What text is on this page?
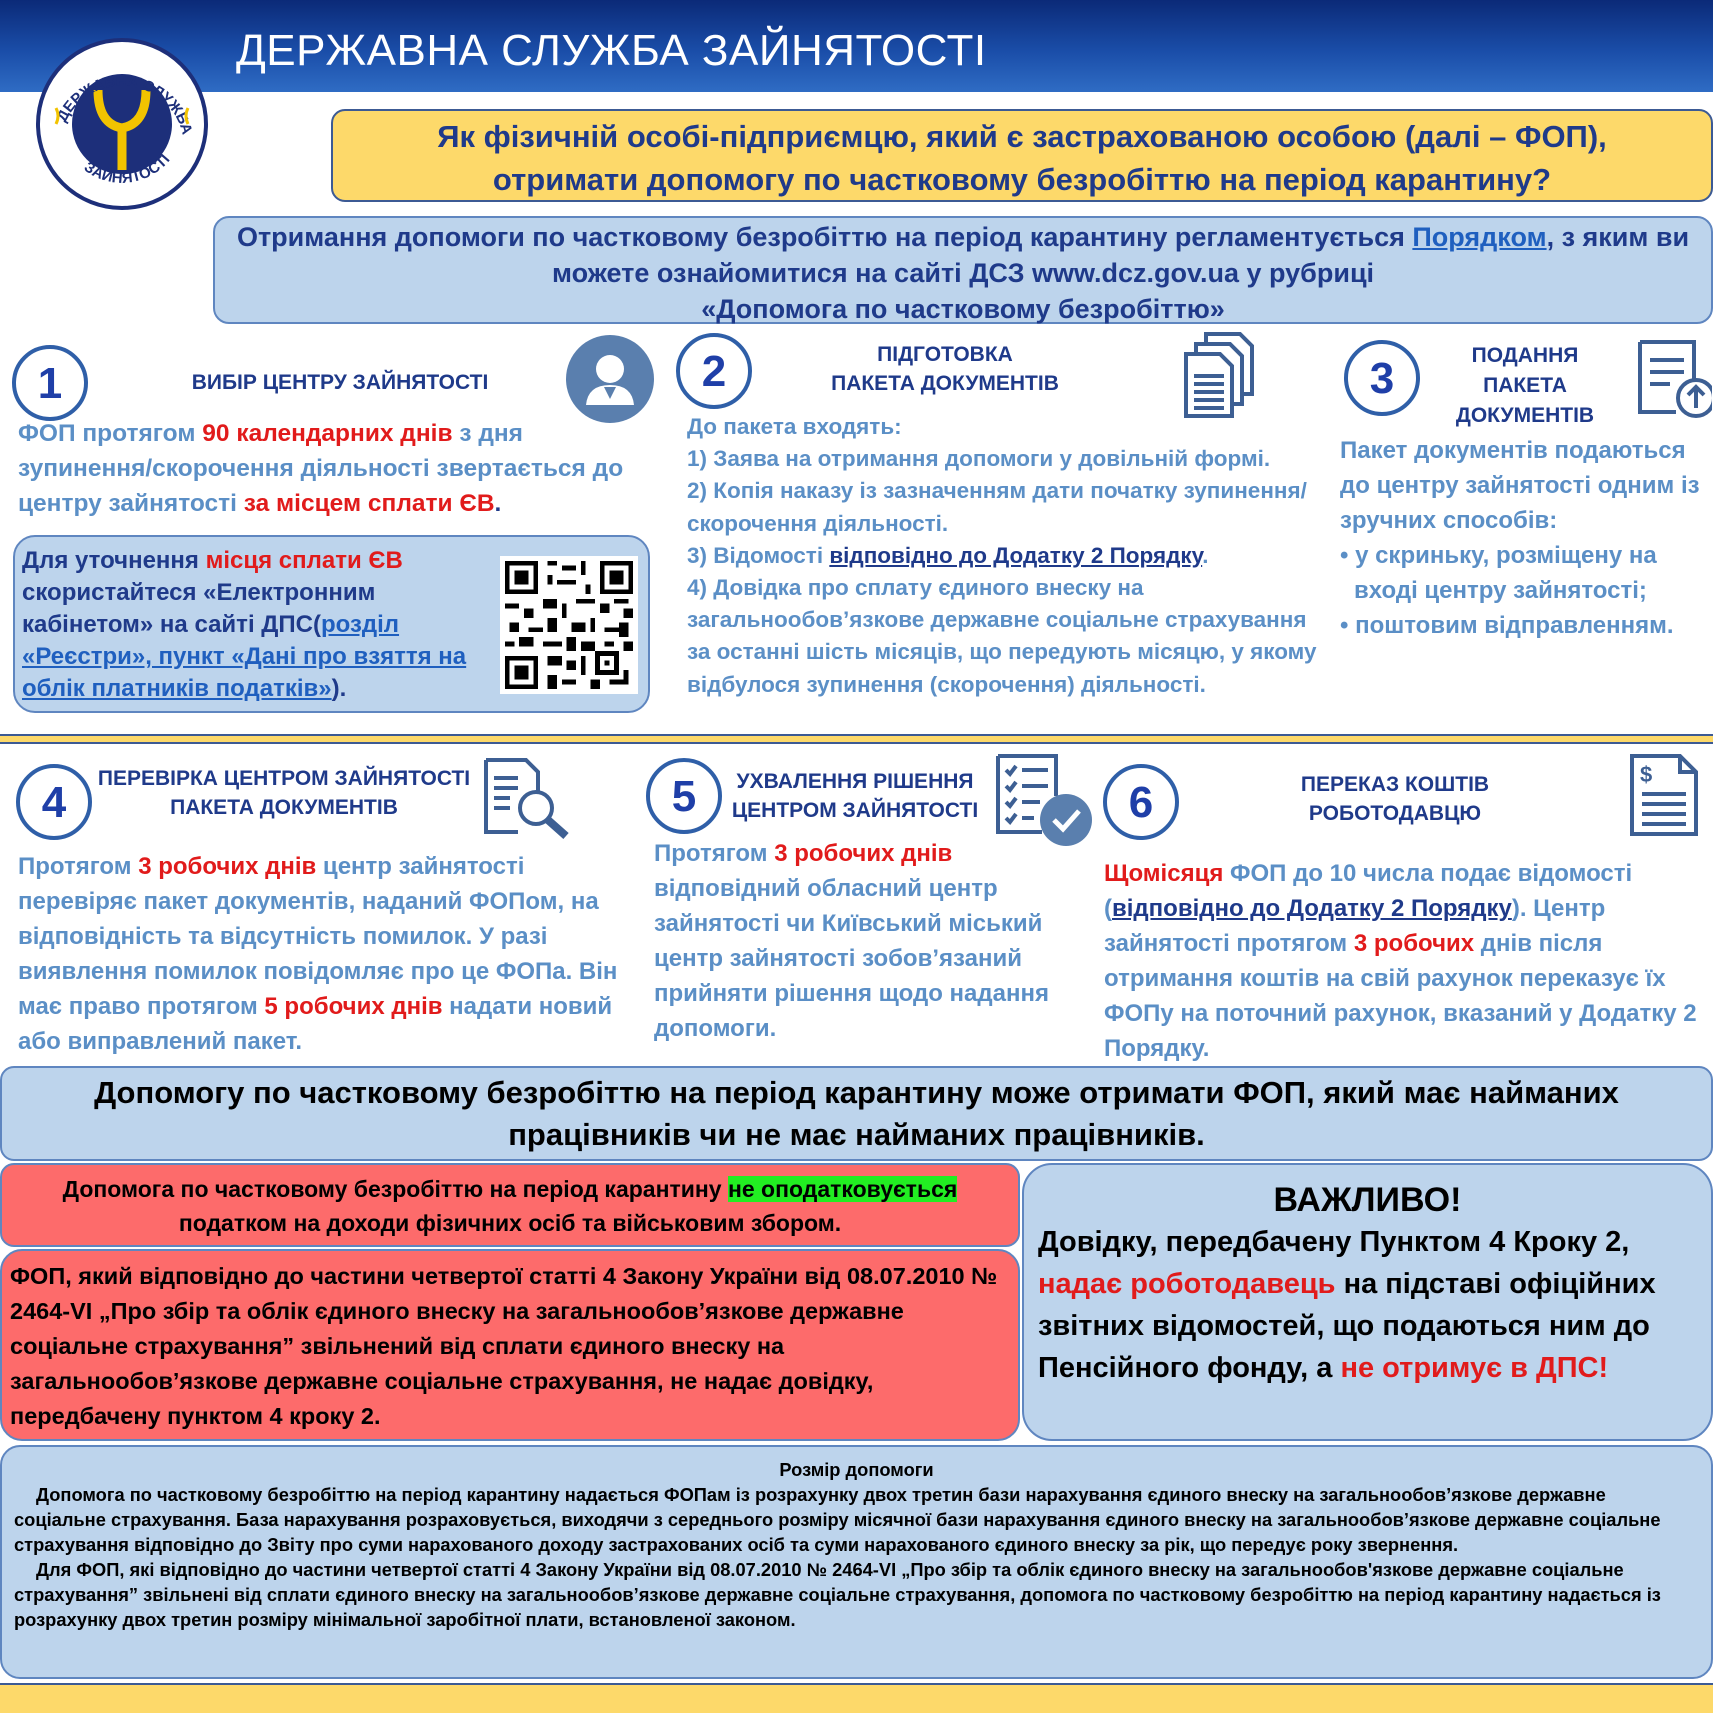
ДЕРЖАВНА СЛУЖБА ЗАЙНЯТОСТІ
ДЕРЖАВНА СЛУЖБА
ЗАЙНЯТОСТІ
Як фізичній особі-підприємцю, який є застрахованою особою (далі – ФОП),
отримати допомогу по частковому безробіттю на період карантину?
Отримання допомоги по частковому безробіттю на період карантину регламентується Порядком, з яким ви можете ознайомитися на сайті ДСЗ www.dcz.gov.ua у рубриці
«Допомога по частковому безробіттю»
1	ВИБІР ЦЕНТРУ ЗАЙНЯТОСТІ
ФОП протягом 90 календарних днів з дня зупинення/скорочення діяльності звертається до центру зайнятості за місцем сплати ЄВ.
Для уточнення місця сплати ЄВ скористайтеся «Електронним кабінетом» на сайті ДПС(розділ «Реєстри», пункт «Дані про взяття на облік платників податків»).
2	ПІДГОТОВКА
ПАКЕТА ДОКУМЕНТІВ
До пакета входять:
1) Заява на отримання допомоги у довільній формі.
2) Копія наказу із зазначенням дати початку зупинення/скорочення діяльності.
3) Відомості відповідно до Додатку 2 Порядку.
4) Довідка про сплату єдиного внеску на загальнообов’язкове державне соціальне страхування за останні шість місяців, що передують місяцю, у якому відбулося зупинення (скорочення) діяльності.
3	ПОДАННЯ
ПАКЕТА
ДОКУМЕНТІВ
Пакет документів подаються до центру зайнятості одним із зручних способів:
• у скриньку, розміщену на вході центру зайнятості;
• поштовим відправленням.
4	ПЕРЕВІРКА ЦЕНТРОМ ЗАЙНЯТОСТІ
ПАКЕТА ДОКУМЕНТІВ
Протягом 3 робочих днів центр зайнятості перевіряє пакет документів, наданий ФОПом, на відповідність та відсутність помилок. У разі виявлення помилок повідомляє про це ФОПа. Він має право протягом 5 робочих днів надати новий або виправлений пакет.
5	УХВАЛЕННЯ РІШЕННЯ
ЦЕНТРОМ ЗАЙНЯТОСТІ
Протягом 3 робочих днів відповідний обласний центр зайнятості чи Київський міський центр зайнятості зобов’язаний прийняти рішення щодо надання допомоги.
6	ПЕРЕКАЗ КОШТІВ
РОБОТОДАВЦЮ
$
Щомісяця ФОП до 10 числа подає відомості (відповідно до Додатку 2 Порядку). Центр зайнятості протягом 3 робочих днів після отримання коштів на свій рахунок переказує їх ФОПу на поточний рахунок, вказаний у Додатку 2 Порядку.
Допомогу по частковому безробіттю на період карантину може отримати ФОП, який має найманих
працівників чи не має найманих працівників.
Допомога по частковому безробіттю на період карантину не оподатковується
податком на доходи фізичних осіб та військовим збором.
ФОП, який відповідно до частини четвертої статті 4 Закону України від 08.07.2010 № 2464-VI „Про збір та облік єдиного внеску на загальнообов’язкове державне соціальне страхування” звільнений від сплати єдиного внеску на загальнообов’язкове державне соціальне страхування, не надає довідку, передбачену пунктом 4 кроку 2.
ВАЖЛИВО!
Довідку, передбачену Пунктом 4 Кроку 2, надає роботодавець на підставі офіційних звітних відомостей, що подаються ним до Пенсійного фонду, а не отримує в ДПС!
Розмір допомоги
Допомога по частковому безробіттю на період карантину надається ФОПам із розрахунку двох третин бази нарахування єдиного внеску на загальнообов’язкове державне соціальне страхування. База нарахування розраховується, виходячи з середнього розміру місячної бази нарахування єдиного внеску на загальнообов’язкове державне соціальне страхування відповідно до Звіту про суми нарахованого доходу застрахованих осіб та суми нарахованого єдиного внеску за рік, що передує року звернення.
Для ФОП, які відповідно до частини четвертої статті 4 Закону України від 08.07.2010 № 2464-VI „Про збір та облік єдиного внеску на загальнообов'язкове державне соціальне страхування” звільнені від сплати єдиного внеску на загальнообов’язкове державне соціальне страхування, допомога по частковому безробіттю на період карантину надається із розрахунку двох третин розміру мінімальної заробітної плати, встановленої законом.
